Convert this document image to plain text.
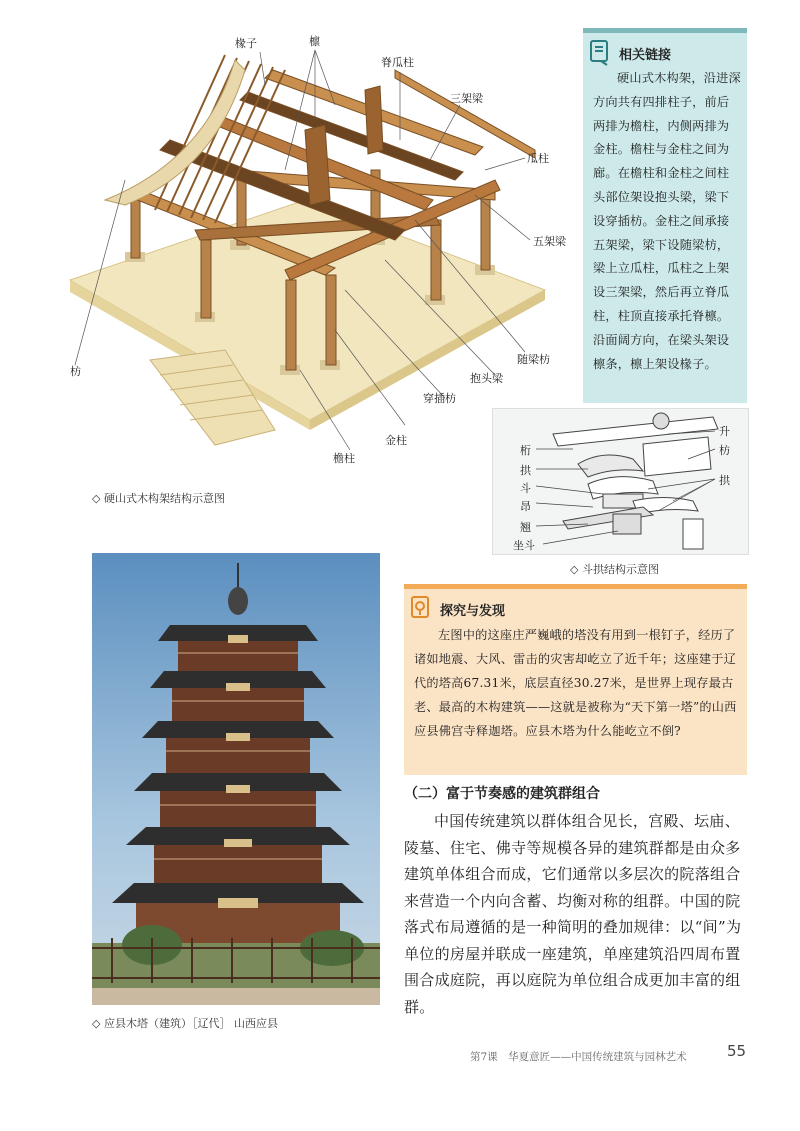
椽子	檩
脊瓜柱
三架梁
瓜柱
五架梁
枋
随梁枋
抱头梁
穿插枋
金柱
檐柱
◇ 硬山式木构架结构示意图
相关链接
硬山式木构架，沿进深方向共有四排柱子，前后两排为檐柱，内侧两排为金柱。檐柱与金柱之间为廊。在檐柱和金柱之间柱头部位架设抱头梁，梁下设穿插枋。金柱之间承接五架梁，梁下设随梁枋，梁上立瓜柱，瓜柱之上架设三架梁，然后再立脊瓜柱，柱顶直接承托脊檩。沿面阔方向，在梁头架设檩条，檩上架设椽子。
桁
拱
斗
昂
翘
坐斗
升
枋
拱
◇ 斗拱结构示意图
◇ 应县木塔（建筑）［辽代］ 山西应县
探究与发现
左图中的这座庄严巍峨的塔没有用到一根钉子，经历了诸如地震、大风、雷击的灾害却屹立了近千年；这座建于辽代的塔高67.31米，底层直径30.27米，是世界上现存最古老、最高的木构建筑——这就是被称为“天下第一塔”的山西应县佛宫寺释迦塔。应县木塔为什么能屹立不倒?
（二）富于节奏感的建筑群组合
中国传统建筑以群体组合见长，宫殿、坛庙、陵墓、住宅、佛寺等规模各异的建筑群都是由众多建筑单体组合而成，它们通常以多层次的院落组合来营造一个内向含蓄、均衡对称的组群。中国的院落式布局遵循的是一种简明的叠加规律：以“间”为单位的房屋并联成一座建筑，单座建筑沿四周布置围合成庭院，再以庭院为单位组合成更加丰富的组群。
第7课　华夏意匠——中国传统建筑与园林艺术	55
